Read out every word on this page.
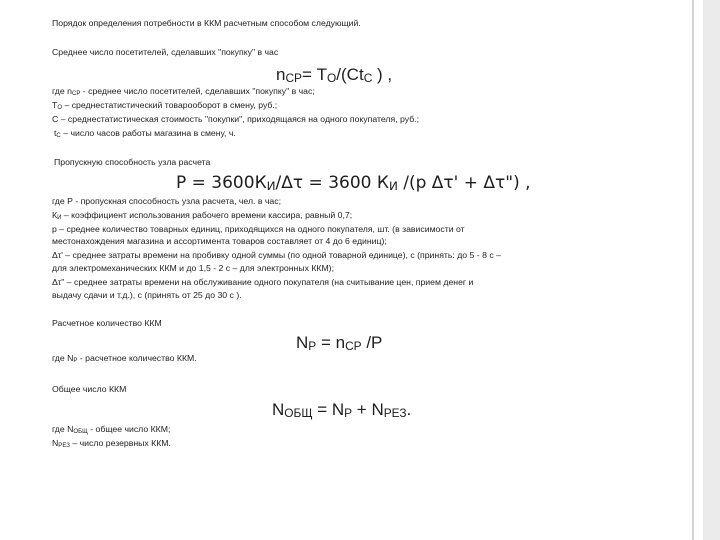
Порядок определения потребности в ККМ расчетным способом следующий.

Среднее число посетителей, сделавших "покупку" в час

$n_{СР}= Т_О/(Ct_С$ ) ,

где $n_{СР}$ - среднее число посетителей, сделавших "покупку" в час;

$Т_О$ – среднестатистический товарооборот в смену, руб.;

С – среднестатистическая стоимость "покупки", приходящаяся на одного покупателя, руб.;

$t_С$ – число часов работы магазина в смену, ч.

Пропускную способность узла расчета

$Р = 3600К_И/\Delta\tau = 3600$ $К_И$ /(р Δτ' + Δτ") ,

где Р - пропускная способность узла расчета, чел. в час;

$К_И$ – коэффициент использования рабочего времени кассира, равный 0,7;

р – среднее количество товарных единиц, приходящихся на одного покупателя, шт. (в зависимости от

местонахождения магазина и ассортимента товаров составляет от 4 до 6 единиц);

Δτ' – среднее затраты времени на пробивку одной суммы (по одной товарной единице), с (принять: до 5 - 8 с –

для электромеханических ККМ и до 1,5 - 2 с – для электронных ККМ);

Δτ" – среднее затраты времени на обслуживание одного покупателя (на считывание цен, прием денег и

выдачу сдачи и т.д.), с (принять от 25 до 30 с ).

Расчетное количество ККМ

$N_Р = n_{СР}$ /Р

где $N_Р$ - расчетное количество ККМ.

Общее число ККМ

$N_{ОБЩ} = N_Р + N_{РЕЗ}$.

где $N_{ОБЩ}$ - общее число ККМ;

$N_{РЕЗ}$ – число резервных ККМ.
